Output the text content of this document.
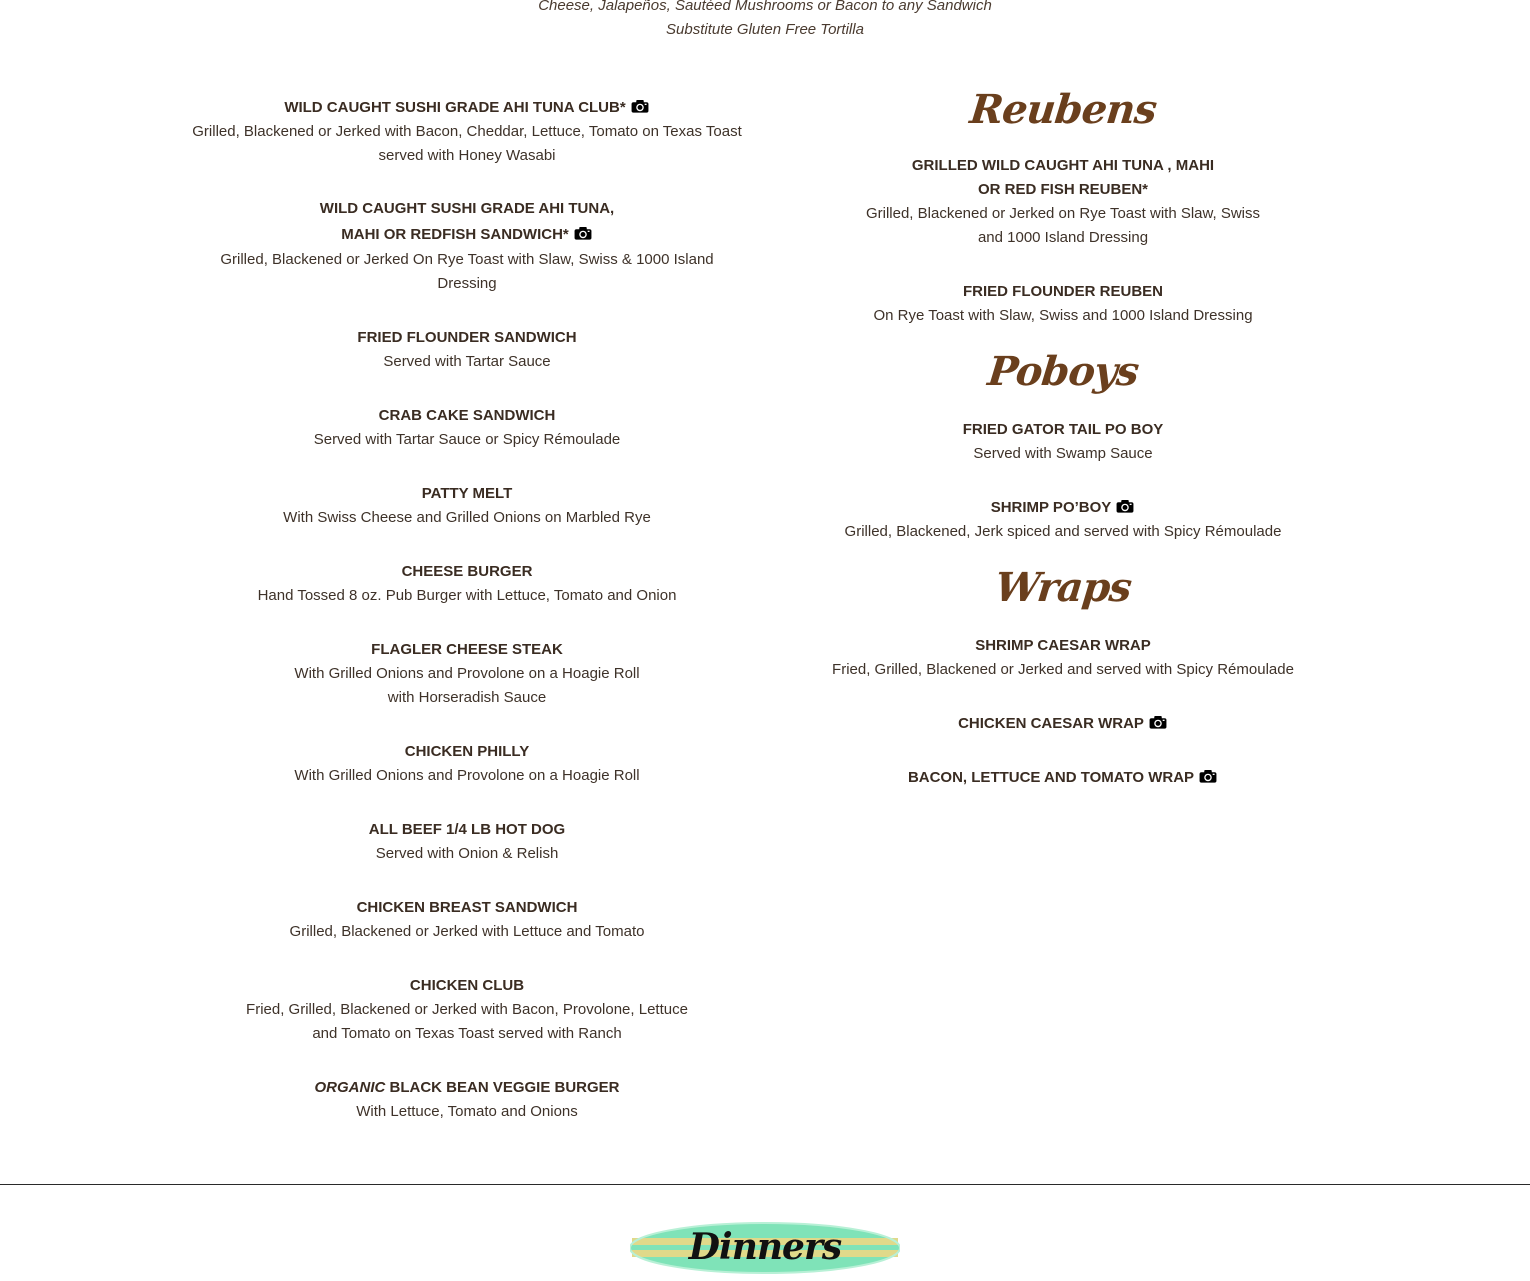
Cheese, Jalapeños, Sautéed Mushrooms or Bacon to any Sandwich
Substitute Gluten Free Tortilla
WILD CAUGHT SUSHI GRADE AHI TUNA CLUB*
Grilled, Blackened or Jerked with Bacon, Cheddar, Lettuce, Tomato on Texas Toast served with Honey Wasabi
WILD CAUGHT SUSHI GRADE AHI TUNA,
MAHI OR REDFISH SANDWICH*
Grilled, Blackened or Jerked On Rye Toast with Slaw, Swiss & 1000 Island Dressing
FRIED FLOUNDER SANDWICH
Served with Tartar Sauce
CRAB CAKE SANDWICH
Served with Tartar Sauce or Spicy Rémoulade
PATTY MELT
With Swiss Cheese and Grilled Onions on Marbled Rye
CHEESE BURGER
Hand Tossed 8 oz. Pub Burger with Lettuce, Tomato and Onion
FLAGLER CHEESE STEAK
With Grilled Onions and Provolone on a Hoagie Roll
with Horseradish Sauce
CHICKEN PHILLY
With Grilled Onions and Provolone on a Hoagie Roll
ALL BEEF 1/4 LB HOT DOG
Served with Onion & Relish
CHICKEN BREAST SANDWICH
Grilled, Blackened or Jerked with Lettuce and Tomato
CHICKEN CLUB
Fried, Grilled, Blackened or Jerked with Bacon, Provolone, Lettuce and Tomato on Texas Toast served with Ranch
ORGANIC BLACK BEAN VEGGIE BURGER
With Lettuce, Tomato and Onions
Reubens
GRILLED WILD CAUGHT AHI TUNA , MAHI
OR RED FISH REUBEN*
Grilled, Blackened or Jerked on Rye Toast with Slaw, Swiss and 1000 Island Dressing
FRIED FLOUNDER REUBEN
On Rye Toast with Slaw, Swiss and 1000 Island Dressing
Poboys
FRIED GATOR TAIL PO BOY
Served with Swamp Sauce
SHRIMP PO’BOY
Grilled, Blackened, Jerk spiced and served with Spicy Rémoulade
Wraps
SHRIMP CAESAR WRAP
Fried, Grilled, Blackened or Jerked and served with Spicy Rémoulade
CHICKEN CAESAR WRAP
BACON, LETTUCE AND TOMATO WRAP
Dinners
